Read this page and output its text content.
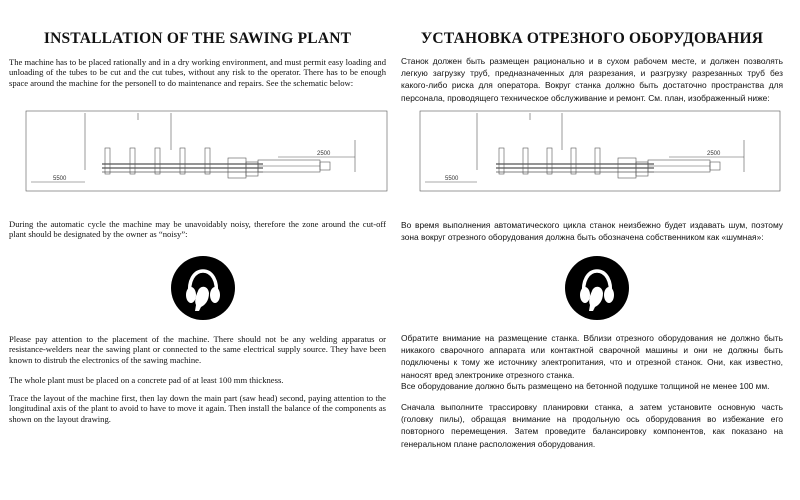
INSTALLATION OF THE SAWING PLANT

The machine has to be placed rationally and in a dry working environment, and must permit easy loading and unloading of the tubes to be cut and the cut tubes, without any risk to the operator. There has to be enough space around the machine for the personell to do maintenance and repairs. See the schematic below:

5500
2500

During the automatic cycle the machine may be unavoidably noisy, therefore the zone around the cut-off plant should be designated by the owner as “noisy”:

Please pay attention to the placement of the machine. There should not be any welding apparatus or resistance-welders near the sawing plant or connected to the same electrical supply source. They have been known to distrub the electronics of the sawing machine.

The whole plant must be placed on a concrete pad of at least 100 mm thickness.

Trace the layout of the machine first, then lay down the main part (saw head) second, paying attention to the longitudinal axis of the plant to avoid to have to move it again. Then install the balance of the components as shown on the layout drawing.

УСТАНОВКА ОТРЕЗНОГО ОБОРУДОВАНИЯ

Станок должен быть размещен рационально и в сухом рабочем месте, и должен позволять легкую загрузку труб, предназначенных для разрезания, и разгрузку разрезанных труб без какого-либо риска для оператора. Вокруг станка должно быть достаточно пространства для персонала, проводящего техническое обслуживание и ремонт. См. план, изображенный ниже:

5500
2500

Во время выполнения автоматического цикла станок неизбежно будет издавать шум, поэтому зона вокруг отрезного оборудования должна быть обозначена собственником как «шумная»:

Обратите внимание на размещение станка. Вблизи отрезного оборудования не должно быть никакого сварочного аппарата или контактной сварочной машины и они не должны быть подключены к тому же источнику электропитания, что и отрезной станок. Они, как известно, наносят вред электронике отрезного станка.

Все оборудование должно быть размещено на бетонной подушке толщиной не менее 100 мм.

Сначала выполните трассировку планировки станка, а затем установите основную часть (головку пилы), обращая внимание на продольную ось оборудования во избежание его повторного перемещения. Затем проведите балансировку компонентов, как показано на генеральном плане расположения оборудования.
